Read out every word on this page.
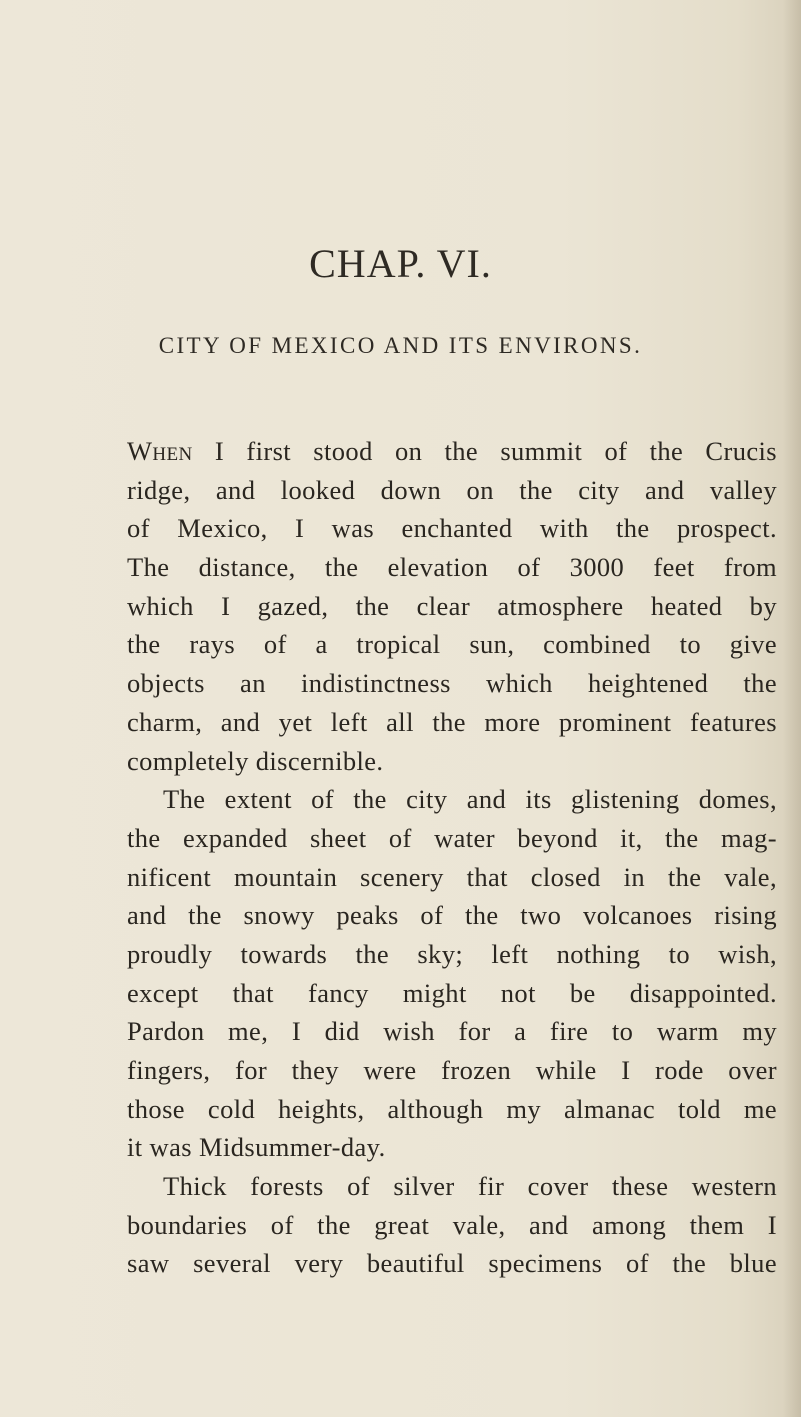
CHAP. VI.
CITY OF MEXICO AND ITS ENVIRONS.
When I first stood on the summit of the Crucis
ridge, and looked down on the city and valley
of Mexico, I was enchanted with the prospect.
The distance, the elevation of 3000 feet from
which I gazed, the clear atmosphere heated by
the rays of a tropical sun, combined to give
objects an indistinctness which heightened the
charm, and yet left all the more prominent features
completely discernible.
The extent of the city and its glistening domes,
the expanded sheet of water beyond it, the mag-
nificent mountain scenery that closed in the vale,
and the snowy peaks of the two volcanoes rising
proudly towards the sky; left nothing to wish,
except that fancy might not be disappointed.
Pardon me, I did wish for a fire to warm my
fingers, for they were frozen while I rode over
those cold heights, although my almanac told me
it was Midsummer-day.
Thick forests of silver fir cover these western
boundaries of the great vale, and among them I
saw several very beautiful specimens of the blue
